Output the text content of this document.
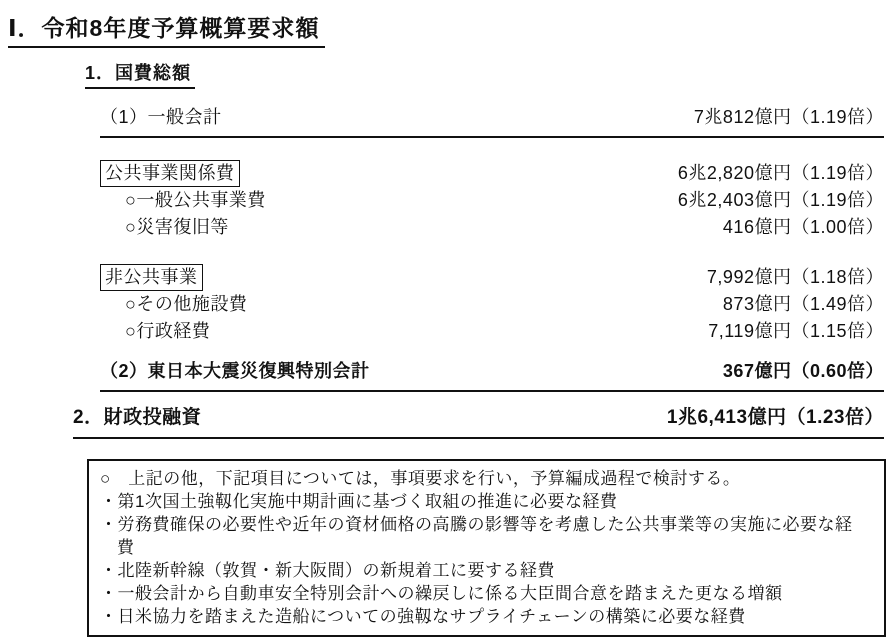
Ⅰ．令和8年度予算概算要求額
1．国費総額
（1）一般会計	7兆812億円（1.19倍）
公共事業関係費	6兆2,820億円（1.19倍）
○一般公共事業費	6兆2,403億円（1.19倍）
○災害復旧等	416億円（1.00倍）
非公共事業	7,992億円（1.18倍）
○その他施設費	873億円（1.49倍）
○行政経費	7,119億円（1.15倍）
（2）東日本大震災復興特別会計	367億円（0.60倍）
2．財政投融資	1兆6,413億円（1.23倍）
○　上記の他，下記項目については，事項要求を行い，予算編成過程で検討する。
・第1次国土強靱化実施中期計画に基づく取組の推進に必要な経費
・労務費確保の必要性や近年の資材価格の高騰の影響等を考慮した公共事業等の実施に必要な経費
・北陸新幹線（敦賀・新大阪間）の新規着工に要する経費
・一般会計から自動車安全特別会計への繰戻しに係る大臣間合意を踏まえた更なる増額
・日米協力を踏まえた造船についての強靱なサプライチェーンの構築に必要な経費
